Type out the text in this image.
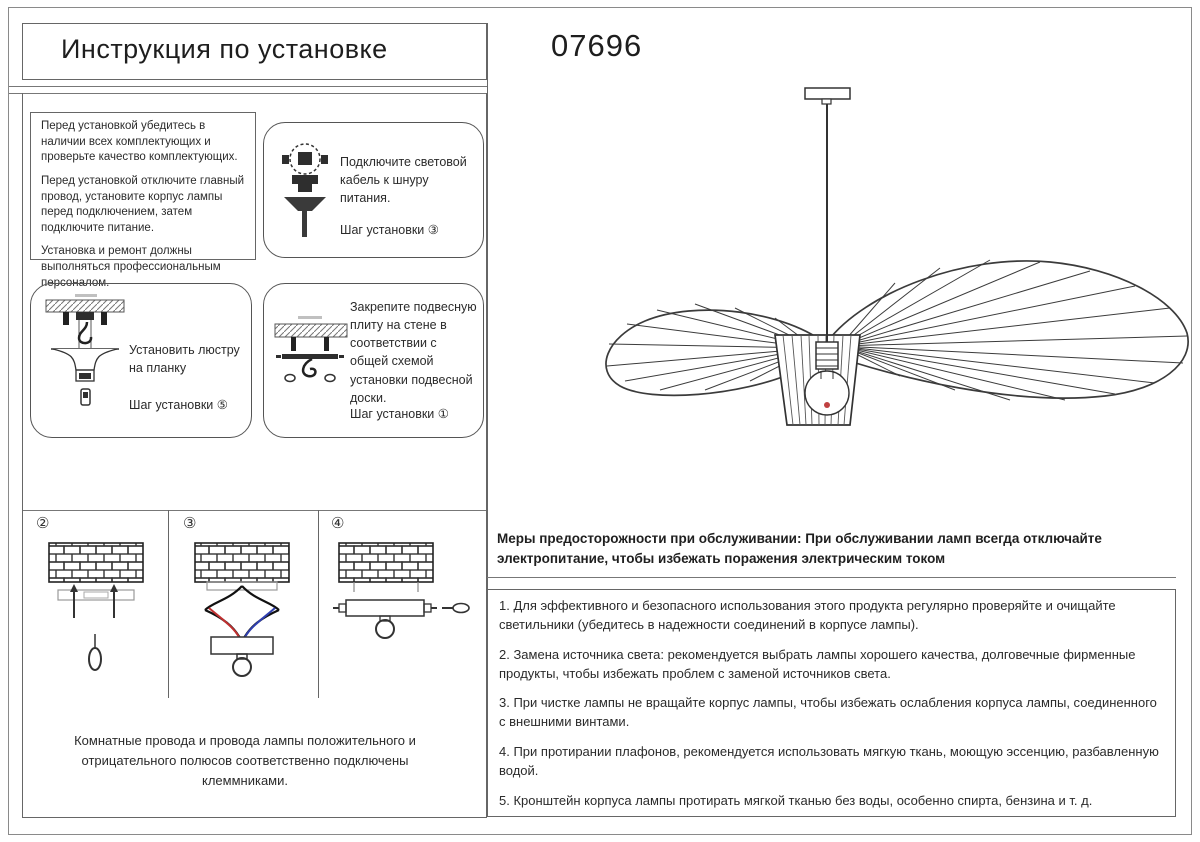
Инструкция по установке	07696

Перед установкой убедитесь в наличии всех комплектующих и проверьте качество комплектующих.

Перед установкой отключите главный провод, установите корпус лампы перед подключением, затем подключите питание.

Установка и ремонт должны выполняться профессиональным персоналом.

Подключите световой кабель к шнуру питания.
Шаг установки ③
Установить люстру на планку
Шаг установки ⑤
Закрепите подвесную плиту на стене в соответствии с общей схемой установки подвесной доски.
Шаг установки ①
②	③	④
Комнатные провода и провода лампы положительного и отрицательного полюсов соответственно подключены клеммниками.
Меры предосторожности при обслуживании: При обслуживании ламп всегда отключайте электропитание, чтобы избежать поражения электрическим током
1. Для эффективного и безопасного использования этого продукта регулярно проверяйте и очищайте светильники (убедитесь в надежности соединений в корпусе лампы).
2. Замена источника света: рекомендуется выбрать лампы хорошего качества, долговечные фирменные продукты, чтобы избежать проблем с заменой источников света.
3. При чистке лампы не вращайте корпус лампы, чтобы избежать ослабления корпуса лампы, соединенного с внешними винтами.
4. При протирании плафонов, рекомендуется использовать мягкую ткань, моющую эссенцию, разбавленную водой.
5. Кронштейн корпуса лампы протирать мягкой тканью без воды, особенно спирта, бензина и т. д.
